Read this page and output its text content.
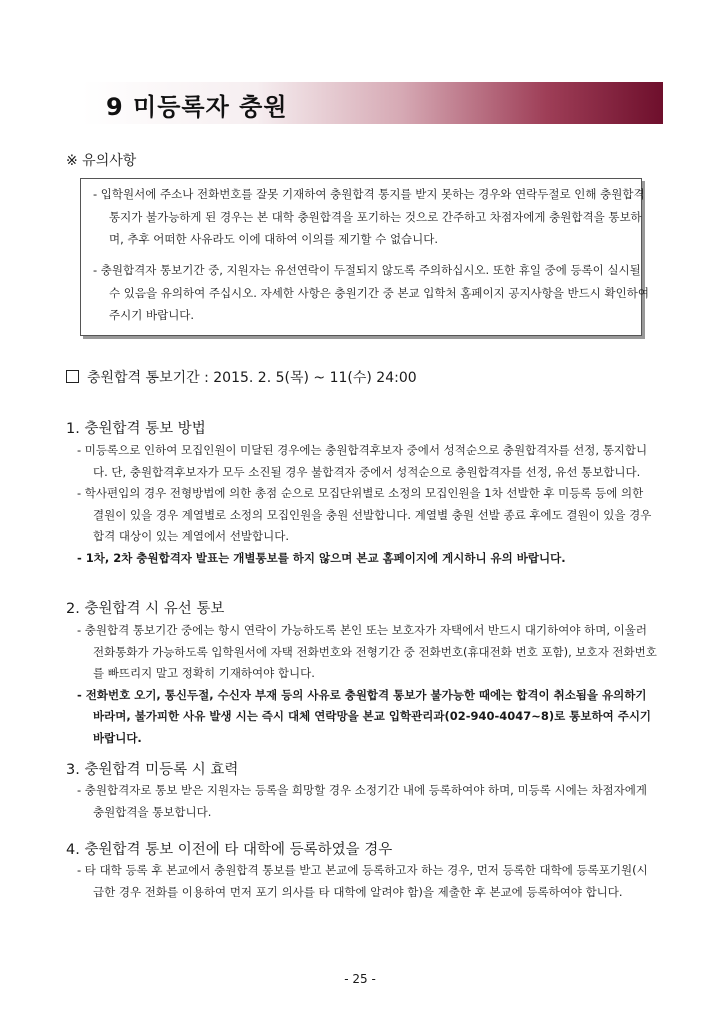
9 미등록자 충원
※ 유의사항
- 입학원서에 주소나 전화번호를 잘못 기재하여 충원합격 통지를 받지 못하는 경우와 연락두절로 인해 충원합격 통지가 불가능하게 된 경우는 본 대학 충원합격을 포기하는 것으로 간주하고 차점자에게 충원합격을 통보하며, 추후 어떠한 사유라도 이에 대하여 이의를 제기할 수 없습니다.
- 충원합격자 통보기간 중, 지원자는 유선연락이 두절되지 않도록 주의하십시오. 또한 휴일 중에 등록이 실시될 수 있음을 유의하여 주십시오. 자세한 사항은 충원기간 중 본교 입학처 홈페이지 공지사항을 반드시 확인하여 주시기 바랍니다.
충원합격 통보기간 : 2015. 2. 5(목) ~ 11(수) 24:00
1. 충원합격 통보 방법
- 미등록으로 인하여 모집인원이 미달된 경우에는 충원합격후보자 중에서 성적순으로 충원합격자를 선정, 통지합니다. 단, 충원합격후보자가 모두 소진될 경우 불합격자 중에서 성적순으로 충원합격자를 선정, 유선 통보합니다.
- 학사편입의 경우 전형방법에 의한 총점 순으로 모집단위별로 소정의 모집인원을 1차 선발한 후 미등록 등에 의한 결원이 있을 경우 계열별로 소정의 모집인원을 충원 선발합니다. 계열별 충원 선발 종료 후에도 결원이 있을 경우 합격 대상이 있는 계열에서 선발합니다.
- 1차, 2차 충원합격자 발표는 개별통보를 하지 않으며 본교 홈페이지에 게시하니 유의 바랍니다.
2. 충원합격 시 유선 통보
- 충원합격 통보기간 중에는 항시 연락이 가능하도록 본인 또는 보호자가 자택에서 반드시 대기하여야 하며, 이울러 전화통화가 가능하도록 입학원서에 자택 전화번호와 전형기간 중 전화번호(휴대전화 번호 포함), 보호자 전화번호를 빠뜨리지 말고 정확히 기재하여야 합니다.
- 전화번호 오기, 통신두절, 수신자 부재 등의 사유로 충원합격 통보가 불가능한 때에는 합격이 취소됨을 유의하기 바라며, 불가피한 사유 발생 시는 즉시 대체 연락망을 본교 입학관리과(02-940-4047~8)로 통보하여 주시기 바랍니다.
3. 충원합격 미등록 시 효력
- 충원합격자로 통보 받은 지원자는 등록을 희망할 경우 소정기간 내에 등록하여야 하며, 미등록 시에는 차점자에게 충원합격을 통보합니다.
4. 충원합격 통보 이전에 타 대학에 등록하였을 경우
- 타 대학 등록 후 본교에서 충원합격 통보를 받고 본교에 등록하고자 하는 경우, 먼저 등록한 대학에 등록포기원(시급한 경우 전화를 이용하여 먼저 포기 의사를 타 대학에 알려야 함)을 제출한 후 본교에 등록하여야 합니다.
- 25 -
